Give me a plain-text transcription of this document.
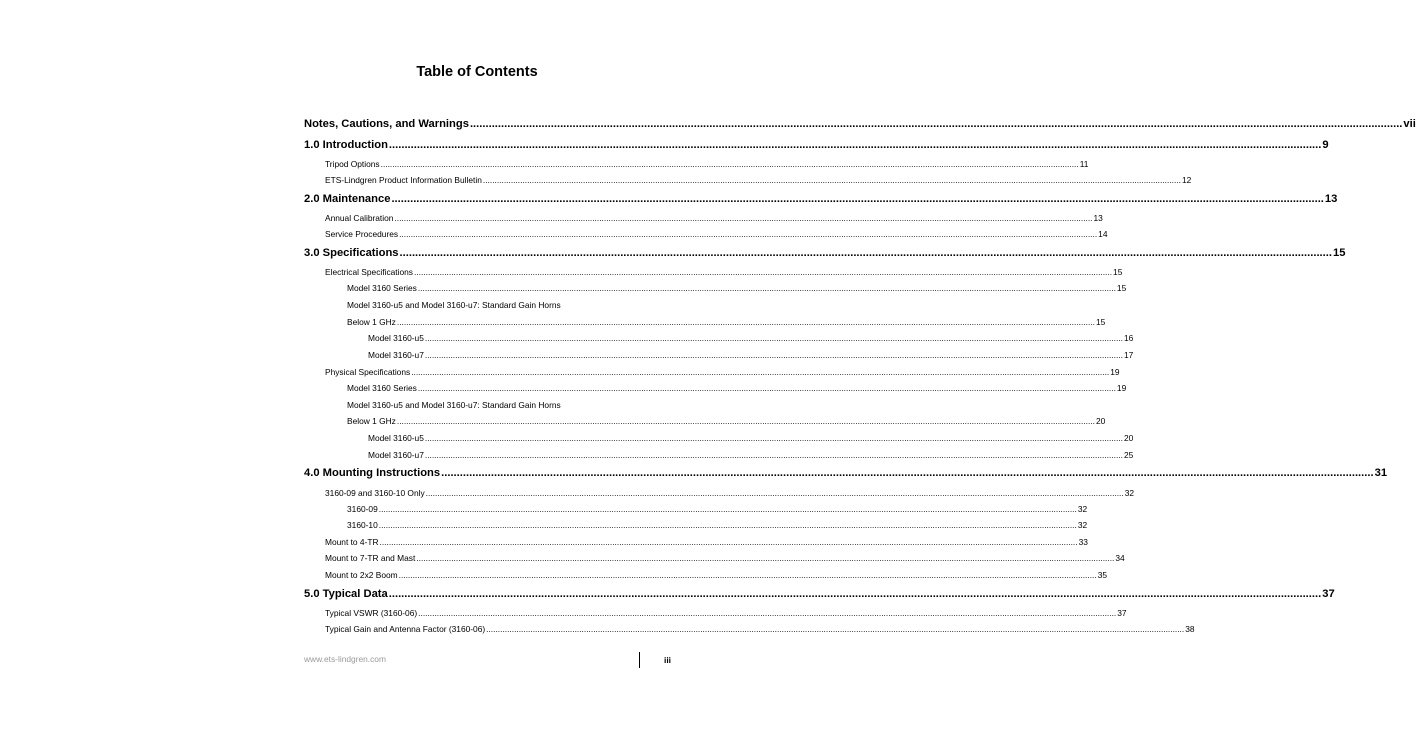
Table of Contents
Notes, Cautions, and Warnings ............................................................................................................................................................................................................................................................................................................ vii
1.0 Introduction ............................................................................................................................................................................................................................................................................................................ 9
Tripod Options ............................................................................................................................................................................................................................................................................................................ 11
ETS-Lindgren Product Information Bulletin ............................................................................................................................................................................................................................................................................................................ 12
2.0 Maintenance ............................................................................................................................................................................................................................................................................................................ 13
Annual Calibration ............................................................................................................................................................................................................................................................................................................ 13
Service Procedures ............................................................................................................................................................................................................................................................................................................ 14
3.0 Specifications ............................................................................................................................................................................................................................................................................................................ 15
Electrical Specifications ............................................................................................................................................................................................................................................................................................................ 15
Model 3160 Series ............................................................................................................................................................................................................................................................................................................ 15
Model 3160-u5 and Model 3160-u7: Standard Gain Horns
Below 1 GHz ............................................................................................................................................................................................................................................................................................................ 15
Model 3160-u5 ............................................................................................................................................................................................................................................................................................................ 16
Model 3160-u7 ............................................................................................................................................................................................................................................................................................................ 17
Physical Specifications ............................................................................................................................................................................................................................................................................................................ 19
Model 3160 Series ............................................................................................................................................................................................................................................................................................................ 19
Model 3160-u5 and Model 3160-u7: Standard Gain Horns
Below 1 GHz ............................................................................................................................................................................................................................................................................................................ 20
Model 3160-u5 ............................................................................................................................................................................................................................................................................................................ 20
Model 3160-u7 ............................................................................................................................................................................................................................................................................................................ 25
4.0 Mounting Instructions ............................................................................................................................................................................................................................................................................................................ 31
3160-09 and 3160-10 Only ............................................................................................................................................................................................................................................................................................................ 32
3160-09 ............................................................................................................................................................................................................................................................................................................ 32
3160-10 ............................................................................................................................................................................................................................................................................................................ 32
Mount to 4-TR ............................................................................................................................................................................................................................................................................................................ 33
Mount to 7-TR and Mast ............................................................................................................................................................................................................................................................................................................ 34
Mount to 2x2 Boom ............................................................................................................................................................................................................................................................................................................ 35
5.0 Typical Data ............................................................................................................................................................................................................................................................................................................ 37
Typical VSWR (3160-06) ............................................................................................................................................................................................................................................................................................................ 37
Typical Gain and Antenna Factor (3160-06) ............................................................................................................................................................................................................................................................................................................ 38
www.ets-lindgren.com	iii
